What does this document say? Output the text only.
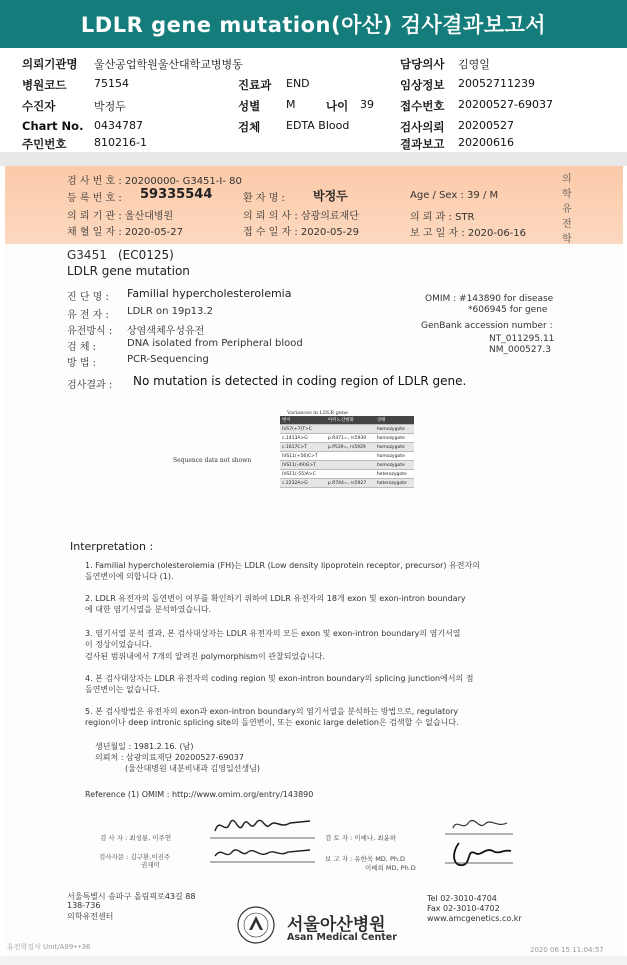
LDLR gene mutation(아산) 검사결과보고서
의뢰기관명 울산공업학원울산대학교병병동	담당의사 김영일
병원코드	75154	진료과 END	임상정보 20052711239
수진자	박정두	성별 M	나이 39 접수번호 20200527-69037
Chart No. 0434787	검체 EDTA Blood	검사의뢰 20200527
주민번호	810216-1	결과보고 20200616
검 사 번 호 : 20200000- G3451-I- 80
등 록 번 호 : 59335544	환 자 명 : 박정두	Age / Sex : 39 / M
의 뢰 기 관 : 울산대병원	의 뢰 의 사 : 삼광의료재단	의 뢰 과 : STR
채 혈 일 자 : 2020-05-27	접 수 일 자 : 2020-05-29	보 고 일 자 : 2020-06-16
의학유전학
G3451 (EC0125)
LDLR gene mutation
진 단 명 : Familial hypercholesterolemia
유 전 자 : LDLR on 19p13.2
유전방식 : 상염색체우성유전
검 체 :	DNA isolated from Peripheral blood
방 법 :	PCR-Sequencing
OMIM : #143890 for disease
*606945 for gene
GenBank accession number :
NT_011295.11
NM_000527.3
검사결과 : No mutation is detected in coding region of LDLR gene.
Variances in LDLR gene
Sequence data not shown
변이	아미노산변화	상태
IVS7(+7)T>C		homozygote
c.1413A>G	p.R471=, rs5930	homozygote
c.1617C>T	p.P539=, rs5929	homozygote
IVS11(+56)C>T		homozygote
IVS11(-49)G>T		homozygote
IVS11(-55)A>C		heterozygote
c.2232A>G	p.R744=, rs5927	heterozygote
Interpretation :
1. Familial hypercholesterolemia (FH)는 LDLR (Low density lipoprotein receptor, precursor) 유전자의
돌연변이에 의합니다 (1).
2. LDLR 유전자의 돌연변이 여부를 확인하기 위하여 LDLR 유전자의 18개 exon 및 exon-intron boundary
에 대한 염기서열을 분석하였습니다.
3. 염기서열 분석 결과, 본 검사대상자는 LDLR 유전자의 모든 exon 및 exon-intron boundary의 염기서열
이 정상이었습니다.
검사된 범위내에서 7개의 알려진 polymorphism이 관찰되었습니다.
4. 본 검사대상자는 LDLR 유전자의 coding region 및 exon-intron boundary의 splicing junction에서의 점
돌연변이는 없습니다.
5. 본 검사방법은 유전자의 exon과 exon-intron boundary의 염기서열을 분석하는 방법으로, regulatory
region이나 deep intronic splicing site의 돌연변이, 또는 exonic large deletion은 검색할 수 없습니다.
생년월일 : 1981.2.16. (남)
의뢰처 : 삼광의료재단 20200527-69037
(울산대병원 내분비내과 김영일선생님)
Reference (1) OMIM : http://www.omim.org/entry/143890
검 사 자 : 최성룡, 이주연
검사자문 : 김구환,이진주
권재미
검 토 자 : 이예나, 최윤하
보 고 자 : 유한욱 MD, Ph.D
이베희 MD, Ph.D
서울특별시 송파구 올림픽로43길 88
138-736
의학유전센터
Tel 02-3010-4704
Fax 02-3010-4702
www.amcgenetics.co.kr
서울아산병원
Asan Medical Center
유전학검사 Unit/A99••36	2020 06 15 11:04:57
